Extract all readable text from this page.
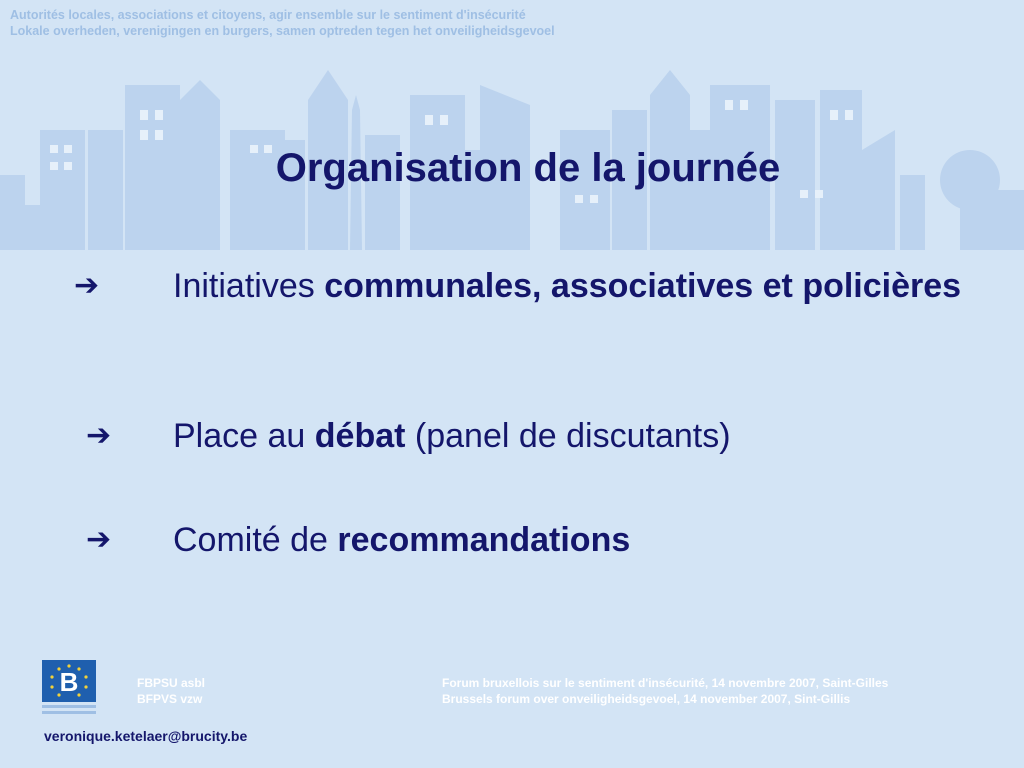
Autorités locales, associations et citoyens, agir ensemble sur le sentiment d'insécurité
Lokale overheden, verenigingen en burgers, samen optreden tegen het onveiligheidsgevoel
Organisation de la journée
➔ Initiatives communales, associatives et policières
➔ Place au débat (panel de discutants)
➔ Comité de recommandations
B	FBPSU asbl
BFPVS vzw
Forum bruxellois sur le sentiment d'insécurité, 14 novembre 2007, Saint-Gilles
Brussels forum over onveiligheidsgevoel, 14 november 2007, Sint-Gillis
veronique.ketelaer@brucity.be
